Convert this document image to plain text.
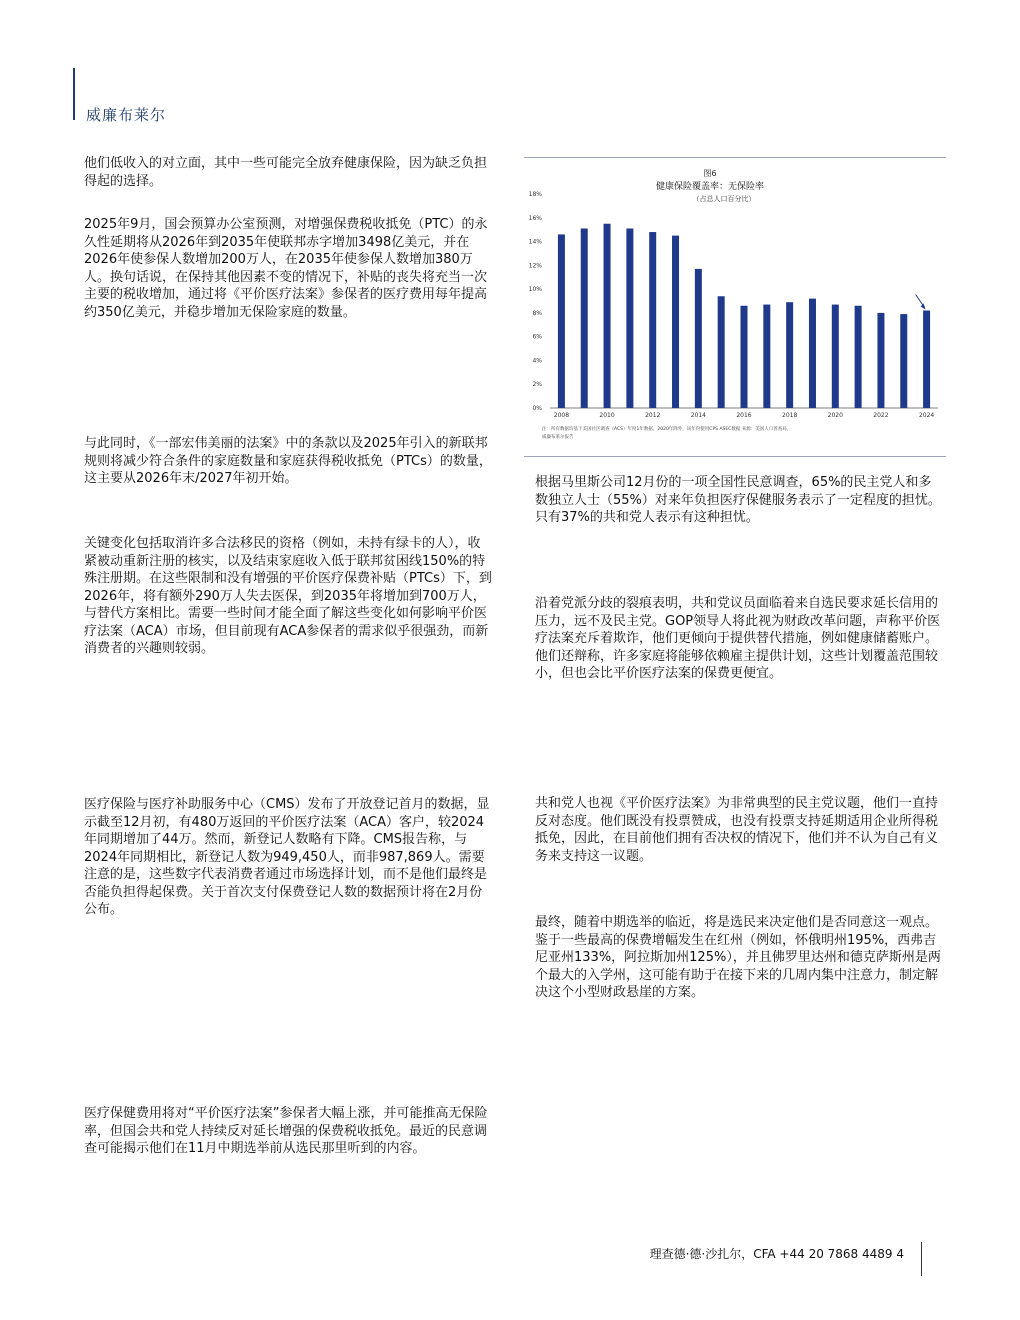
威廉布莱尔

他们低收入的对立面，其中一些可能完全放弃健康保险，因为缺乏负担得起的选择。

2025年9月，国会预算办公室预测，对增强保费税收抵免（PTC）的永久性延期将从2026年到2035年使联邦赤字增加3498亿美元，并在2026年使参保人数增加200万人，在2035年使参保人数增加380万人。换句话说，在保持其他因素不变的情况下，补贴的丧失将充当一次主要的税收增加，通过将《平价医疗法案》参保者的医疗费用每年提高约350亿美元，并稳步增加无保险家庭的数量。

与此同时，《一部宏伟美丽的法案》中的条款以及2025年引入的新联邦规则将减少符合条件的家庭数量和家庭获得税收抵免（PTCs）的数量，这主要从2026年末/2027年初开始。

关键变化包括取消许多合法移民的资格（例如，未持有绿卡的人），收紧被动重新注册的核实，以及结束家庭收入低于联邦贫困线150%的特殊注册期。在这些限制和没有增强的平价医疗保费补贴（PTCs）下，到2026年，将有额外290万人失去医保，到2035年将增加到700万人，与替代方案相比。需要一些时间才能全面了解这些变化如何影响平价医疗法案（ACA）市场，但目前现有ACA参保者的需求似乎很强劲，而新消费者的兴趣则较弱。

医疗保险与医疗补助服务中心（CMS）发布了开放登记首月的数据，显示截至12月初，有480万返回的平价医疗法案（ACA）客户，较2024年同期增加了44万。然而，新登记人数略有下降。CMS报告称，与2024年同期相比，新登记人数为949,450人，而非987,869人。需要注意的是，这些数字代表消费者通过市场选择计划，而不是他们最终是否能负担得起保费。关于首次支付保费登记人数的数据预计将在2月份公布。

医疗保健费用将对“平价医疗法案”参保者大幅上涨，并可能推高无保险率，但国会共和党人持续反对延长增强的保费税收抵免。最近的民意调查可能揭示他们在11月中期选举前从选民那里听到的内容。

图6
健康保险覆盖率：无保险率
（占总人口百分比）
0%
2%
4%
6%
8%
10%
12%
14%
16%
18%
2008	2010	2012	2014	2016	2018	2020	2022	2024
注：所有数据均基于美国社区调查（ACS）年度1年数据，2020年除外，该年份使用CPS ASEC数据 来源：美国人口普查局，
威廉布莱尔报告

根据马里斯公司12月份的一项全国性民意调查，65%的民主党人和多数独立人士（55%）对来年负担医疗保健服务表示了一定程度的担忧。只有37%的共和党人表示有这种担忧。

沿着党派分歧的裂痕表明，共和党议员面临着来自选民要求延长信用的压力，远不及民主党。GOP领导人将此视为财政改革问题，声称平价医疗法案充斥着欺诈，他们更倾向于提供替代措施，例如健康储蓄账户。他们还辩称，许多家庭将能够依赖雇主提供计划，这些计划覆盖范围较小，但也会比平价医疗法案的保费更便宜。

共和党人也视《平价医疗法案》为非常典型的民主党议题，他们一直持反对态度。他们既没有投票赞成，也没有投票支持延期适用企业所得税抵免，因此，在目前他们拥有否决权的情况下，他们并不认为自己有义务来支持这一议题。

最终，随着中期选举的临近，将是选民来决定他们是否同意这一观点。鉴于一些最高的保费增幅发生在红州（例如，怀俄明州195%，西弗吉尼亚州133%，阿拉斯加州125%），并且佛罗里达州和德克萨斯州是两个最大的入学州，这可能有助于在接下来的几周内集中注意力，制定解决这个小型财政悬崖的方案。

理查德·德·沙扎尔，CFA +44 20 7868 4489 4
